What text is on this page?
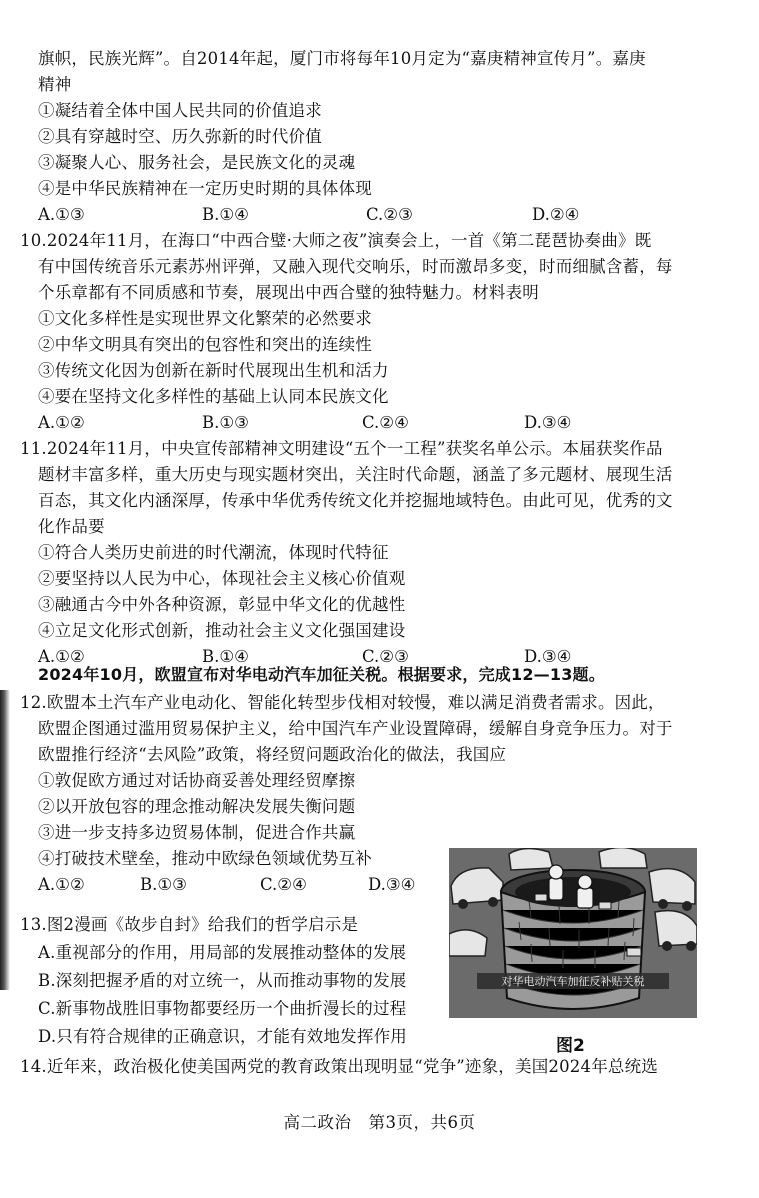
旗帜，民族光辉”。自2014年起，厦门市将每年10月定为“嘉庚精神宣传月”。嘉庚
精神
①凝结着全体中国人民共同的价值追求
②具有穿越时空、历久弥新的时代价值
③凝聚人心、服务社会，是民族文化的灵魂
④是中华民族精神在一定历史时期的具体体现
A.①③	B.①④	C.②③	D.②④
10.2024年11月，在海口“中西合璧·大师之夜”演奏会上，一首《第二琵琶协奏曲》既
有中国传统音乐元素苏州评弹，又融入现代交响乐，时而激昂多变，时而细腻含蓄，每
个乐章都有不同质感和节奏，展现出中西合璧的独特魅力。材料表明
①文化多样性是实现世界文化繁荣的必然要求
②中华文明具有突出的包容性和突出的连续性
③传统文化因为创新在新时代展现出生机和活力
④要在坚持文化多样性的基础上认同本民族文化
A.①②	B.①③	C.②④	D.③④
11.2024年11月，中央宣传部精神文明建设“五个一工程”获奖名单公示。本届获奖作品
题材丰富多样，重大历史与现实题材突出，关注时代命题，涵盖了多元题材、展现生活
百态，其文化内涵深厚，传承中华优秀传统文化并挖掘地域特色。由此可见，优秀的文
化作品要
①符合人类历史前进的时代潮流，体现时代特征
②要坚持以人民为中心，体现社会主义核心价值观
③融通古今中外各种资源，彰显中华文化的优越性
④立足文化形式创新，推动社会主义文化强国建设
A.①②	B.①④	C.②③	D.③④
2024年10月，欧盟宣布对华电动汽车加征关税。根据要求，完成12—13题。
12.欧盟本土汽车产业电动化、智能化转型步伐相对较慢，难以满足消费者需求。因此，
欧盟企图通过滥用贸易保护主义，给中国汽车产业设置障碍，缓解自身竞争压力。对于
欧盟推行经济“去风险”政策，将经贸问题政治化的做法，我国应
①敦促欧方通过对话协商妥善处理经贸摩擦
②以开放包容的理念推动解决发展失衡问题
③进一步支持多边贸易体制，促进合作共赢
④打破技术壁垒，推动中欧绿色领域优势互补
A.①②	B.①③	C.②④	D.③④
13.图2漫画《故步自封》给我们的哲学启示是
A.重视部分的作用，用局部的发展推动整体的发展
B.深刻把握矛盾的对立统一，从而推动事物的发展
C.新事物战胜旧事物都要经历一个曲折漫长的过程
D.只有符合规律的正确意识，才能有效地发挥作用
对华电动汽车加征反补贴关税
图2
14.近年来，政治极化使美国两党的教育政策出现明显“党争”迹象，美国2024年总统选
高二政治　第3页，共6页
